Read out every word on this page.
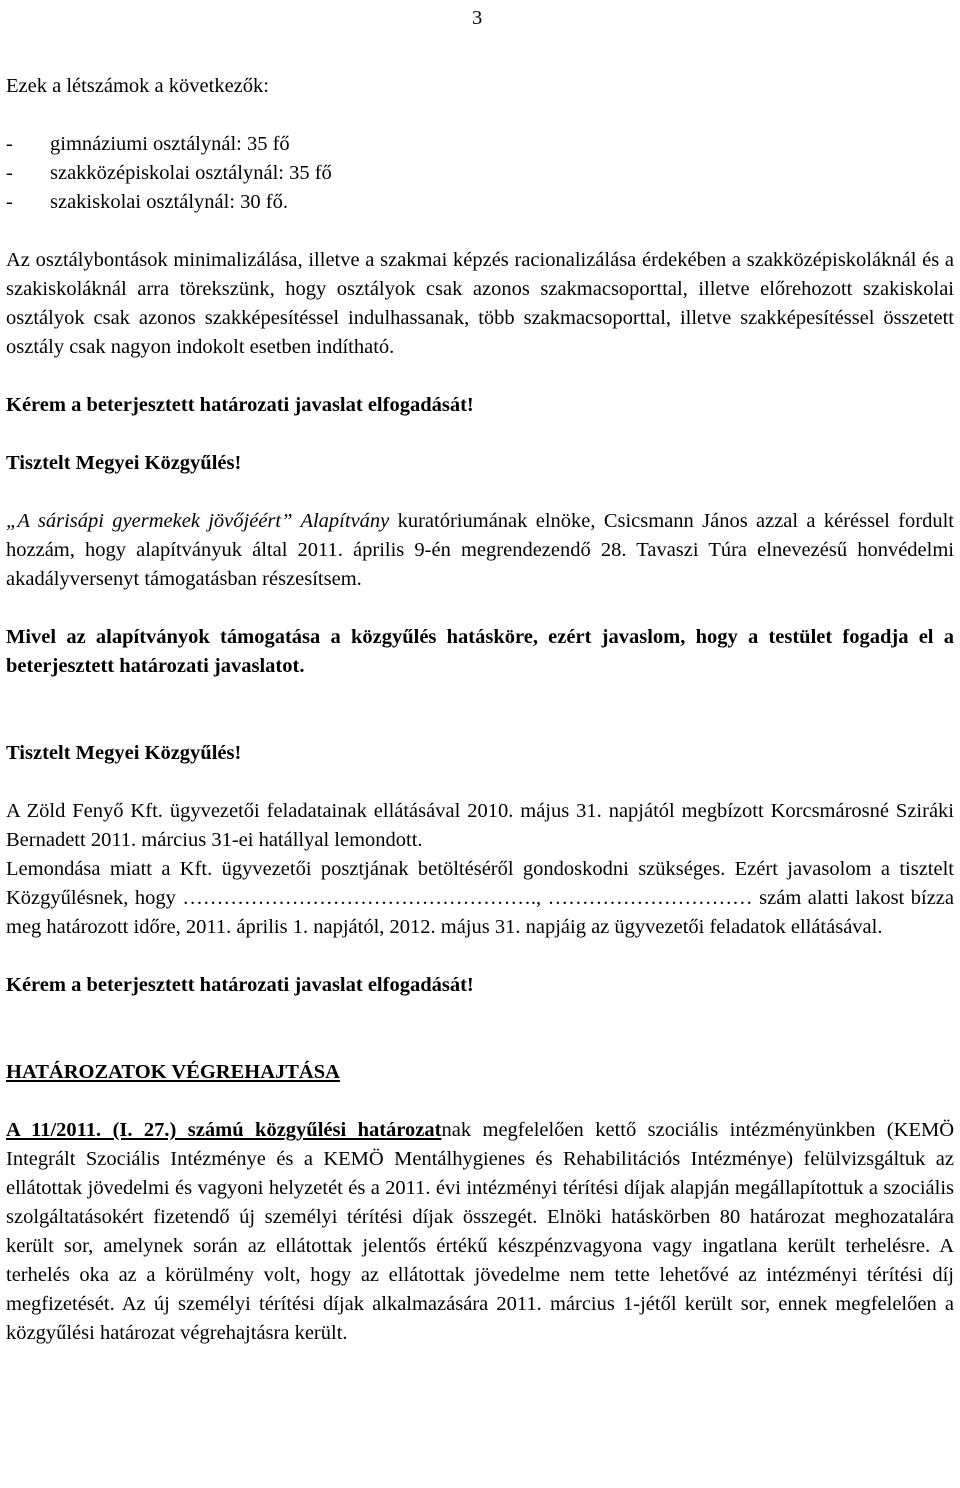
3

Ezek a létszámok a következők:

- gimnáziumi osztálynál: 35 fő
- szakközépiskolai osztálynál: 35 fő
- szakiskolai osztálynál: 30 fő.

Az osztálybontások minimalizálása, illetve a szakmai képzés racionalizálása érdekében a szakközépiskoláknál és a szakiskoláknál arra törekszünk, hogy osztályok csak azonos szakmacsoporttal, illetve előrehozott szakiskolai osztályok csak azonos szakképesítéssel indulhassanak, több szakmacsoporttal, illetve szakképesítéssel összetett osztály csak nagyon indokolt esetben indítható.

Kérem a beterjesztett határozati javaslat elfogadását!

Tisztelt Megyei Közgyűlés!

„A sárisápi gyermekek jövőjéért” Alapítvány kuratóriumának elnöke, Csicsmann János azzal a kéréssel fordult hozzám, hogy alapítványuk által 2011. április 9-én megrendezendő 28. Tavaszi Túra elnevezésű honvédelmi akadályversenyt támogatásban részesítsem.

Mivel az alapítványok támogatása a közgyűlés hatásköre, ezért javaslom, hogy a testület fogadja el a beterjesztett határozati javaslatot.

Tisztelt Megyei Közgyűlés!

A Zöld Fenyő Kft. ügyvezetői feladatainak ellátásával 2010. május 31. napjától megbízott Korcsmárosné Sziráki Bernadett 2011. március 31-ei hatállyal lemondott.

Lemondása miatt a Kft. ügyvezetői posztjának betöltéséről gondoskodni szükséges. Ezért javasolom a tisztelt Közgyűlésnek, hogy ……………………………………………., ………………………… szám alatti lakost bízza meg határozott időre, 2011. április 1. napjától, 2012. május 31. napjáig az ügyvezetői feladatok ellátásával.

Kérem a beterjesztett határozati javaslat elfogadását!

HATÁROZATOK VÉGREHAJTÁSA

A 11/2011. (I. 27.) számú közgyűlési határozatnak megfelelően kettő szociális intézményünkben (KEMÖ Integrált Szociális Intézménye és a KEMÖ Mentálhygienes és Rehabilitációs Intézménye) felülvizsgáltuk az ellátottak jövedelmi és vagyoni helyzetét és a 2011. évi intézményi térítési díjak alapján megállapítottuk a szociális szolgáltatásokért fizetendő új személyi térítési díjak összegét. Elnöki hatáskörben 80 határozat meghozatalára került sor, amelynek során az ellátottak jelentős értékű készpénzvagyona vagy ingatlana került terhelésre. A terhelés oka az a körülmény volt, hogy az ellátottak jövedelme nem tette lehetővé az intézményi térítési díj megfizetését. Az új személyi térítési díjak alkalmazására 2011. március 1-jétől került sor, ennek megfelelően a közgyűlési határozat végrehajtásra került.
